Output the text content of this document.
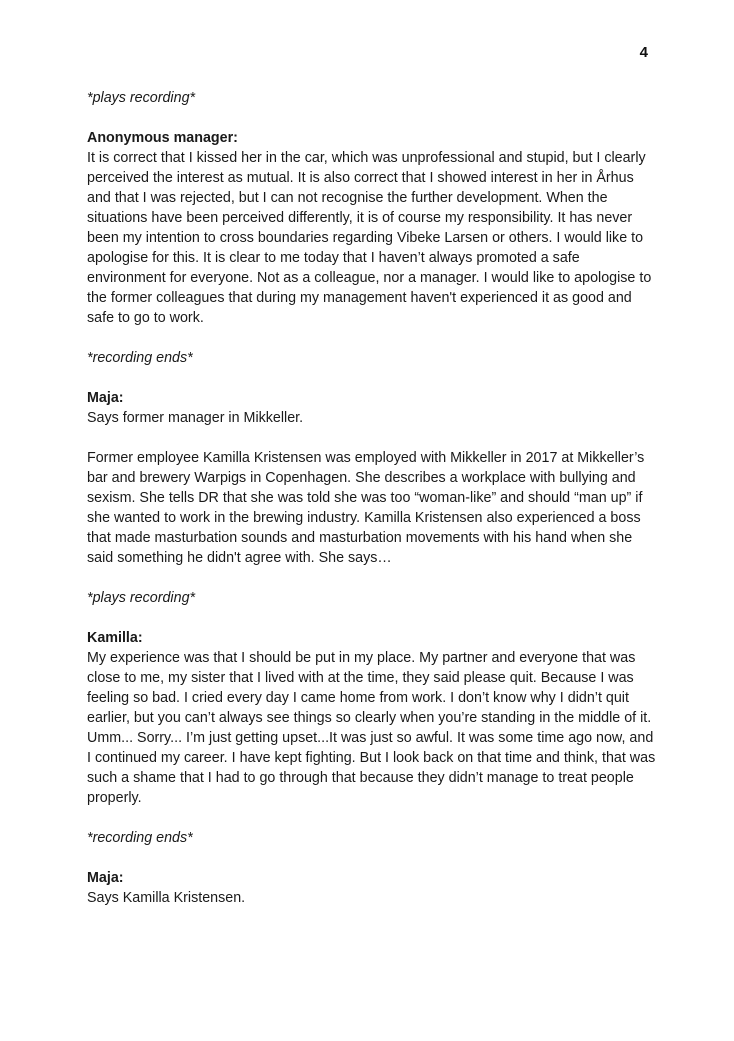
4

*plays recording*

Anonymous manager:

It is correct that I kissed her in the car, which was unprofessional and stupid, but I clearly perceived the interest as mutual. It is also correct that I showed interest in her in Århus and that I was rejected, but I can not recognise the further development. When the situations have been perceived differently, it is of course my responsibility. It has never been my intention to cross boundaries regarding Vibeke Larsen or others. I would like to apologise for this. It is clear to me today that I haven’t always promoted a safe environment for everyone. Not as a colleague, nor a manager. I would like to apologise to the former colleagues that during my management haven't experienced it as good and safe to go to work.

*recording ends*

Maja:

Says former manager in Mikkeller.

Former employee Kamilla Kristensen was employed with Mikkeller in 2017 at Mikkeller’s bar and brewery Warpigs in Copenhagen. She describes a workplace with bullying and sexism. She tells DR that she was told she was too “woman-like” and should “man up” if she wanted to work in the brewing industry. Kamilla Kristensen also experienced a boss that made masturbation sounds and masturbation movements with his hand when she said something he didn't agree with. She says…

*plays recording*

Kamilla:

My experience was that I should be put in my place. My partner and everyone that was close to me, my sister that I lived with at the time, they said please quit. Because I was feeling so bad. I cried every day I came home from work. I don’t know why I didn’t quit earlier, but you can’t always see things so clearly when you’re standing in the middle of it. Umm... Sorry... I’m just getting upset...It was just so awful. It was some time ago now, and I continued my career. I have kept fighting. But I look back on that time and think, that was such a shame that I had to go through that because they didn’t manage to treat people properly.

*recording ends*

Maja:

Says Kamilla Kristensen.
